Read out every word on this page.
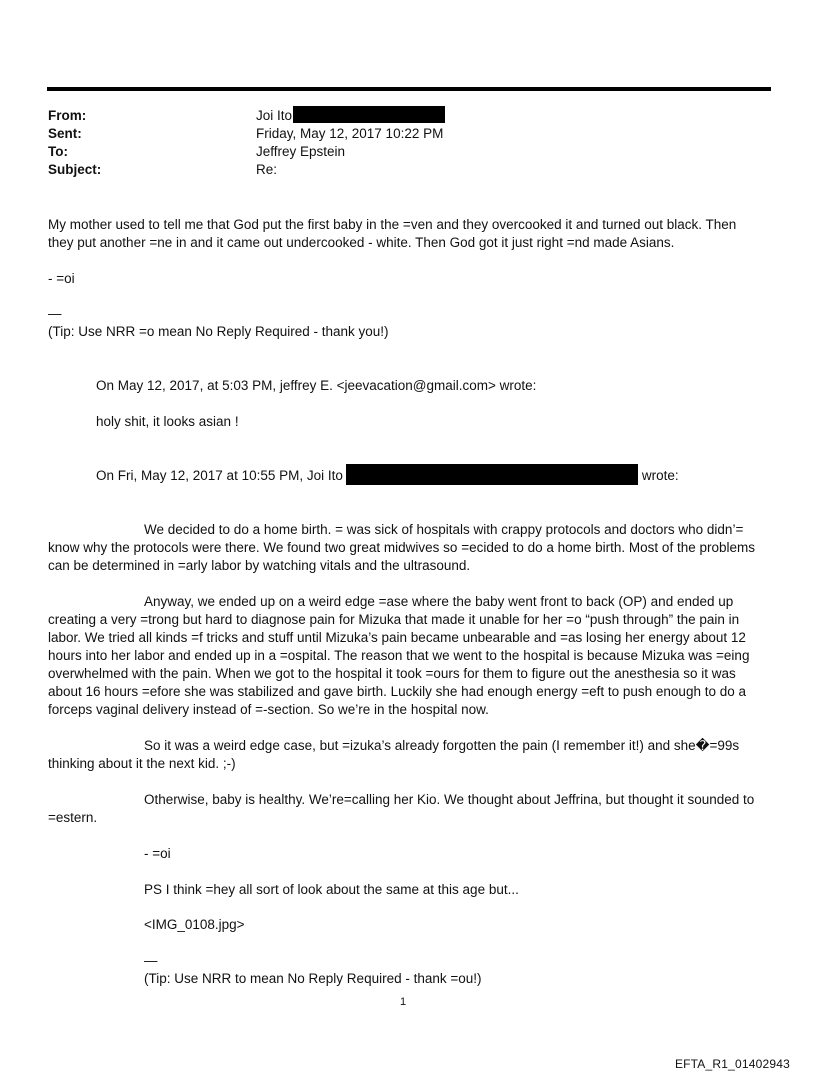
From:	Joi Ito
Sent:	Friday, May 12, 2017 10:22 PM
To:	Jeffrey Epstein
Subject:	Re:
My mother used to tell me that God put the first baby in the =ven and they overcooked it and turned out black. Then
they put another =ne in and it came out undercooked - white. Then God got it just right =nd made Asians.
- =oi
—
(Tip: Use NRR =o mean No Reply Required - thank you!)
On May 12, 2017, at 5:03 PM, jeffrey E. <jeevacation@gmail.com> wrote:
holy shit, it looks asian !
On Fri, May 12, 2017 at 10:55 PM, Joi Ito	wrote:
We decided to do a home birth. = was sick of hospitals with crappy protocols and doctors who didn’=
know why the protocols were there. We found two great midwives so =ecided to do a home birth. Most of the problems
can be determined in =arly labor by watching vitals and the ultrasound.
Anyway, we ended up on a weird edge =ase where the baby went front to back (OP) and ended up
creating a very =trong but hard to diagnose pain for Mizuka that made it unable for her =o “push through” the pain in
labor. We tried all kinds =f tricks and stuff until Mizuka’s pain became unbearable and =as losing her energy about 12
hours into her labor and ended up in a =ospital. The reason that we went to the hospital is because Mizuka was =eing
overwhelmed with the pain. When we got to the hospital it took =ours for them to figure out the anesthesia so it was
about 16 hours =efore she was stabilized and gave birth. Luckily she had enough energy =eft to push enough to do a
forceps vaginal delivery instead of =-section. So we’re in the hospital now.
So it was a weird edge case, but =izuka’s already forgotten the pain (I remember it!) and she�=99s
thinking about it the next kid. ;-)
Otherwise, baby is healthy. We’re=calling her Kio. We thought about Jeffrina, but thought it sounded to
=estern.
- =oi
PS I think =hey all sort of look about the same at this age but...
<IMG_0108.jpg>
—
(Tip: Use NRR to mean No Reply Required - thank =ou!)
1
EFTA_R1_01402943
